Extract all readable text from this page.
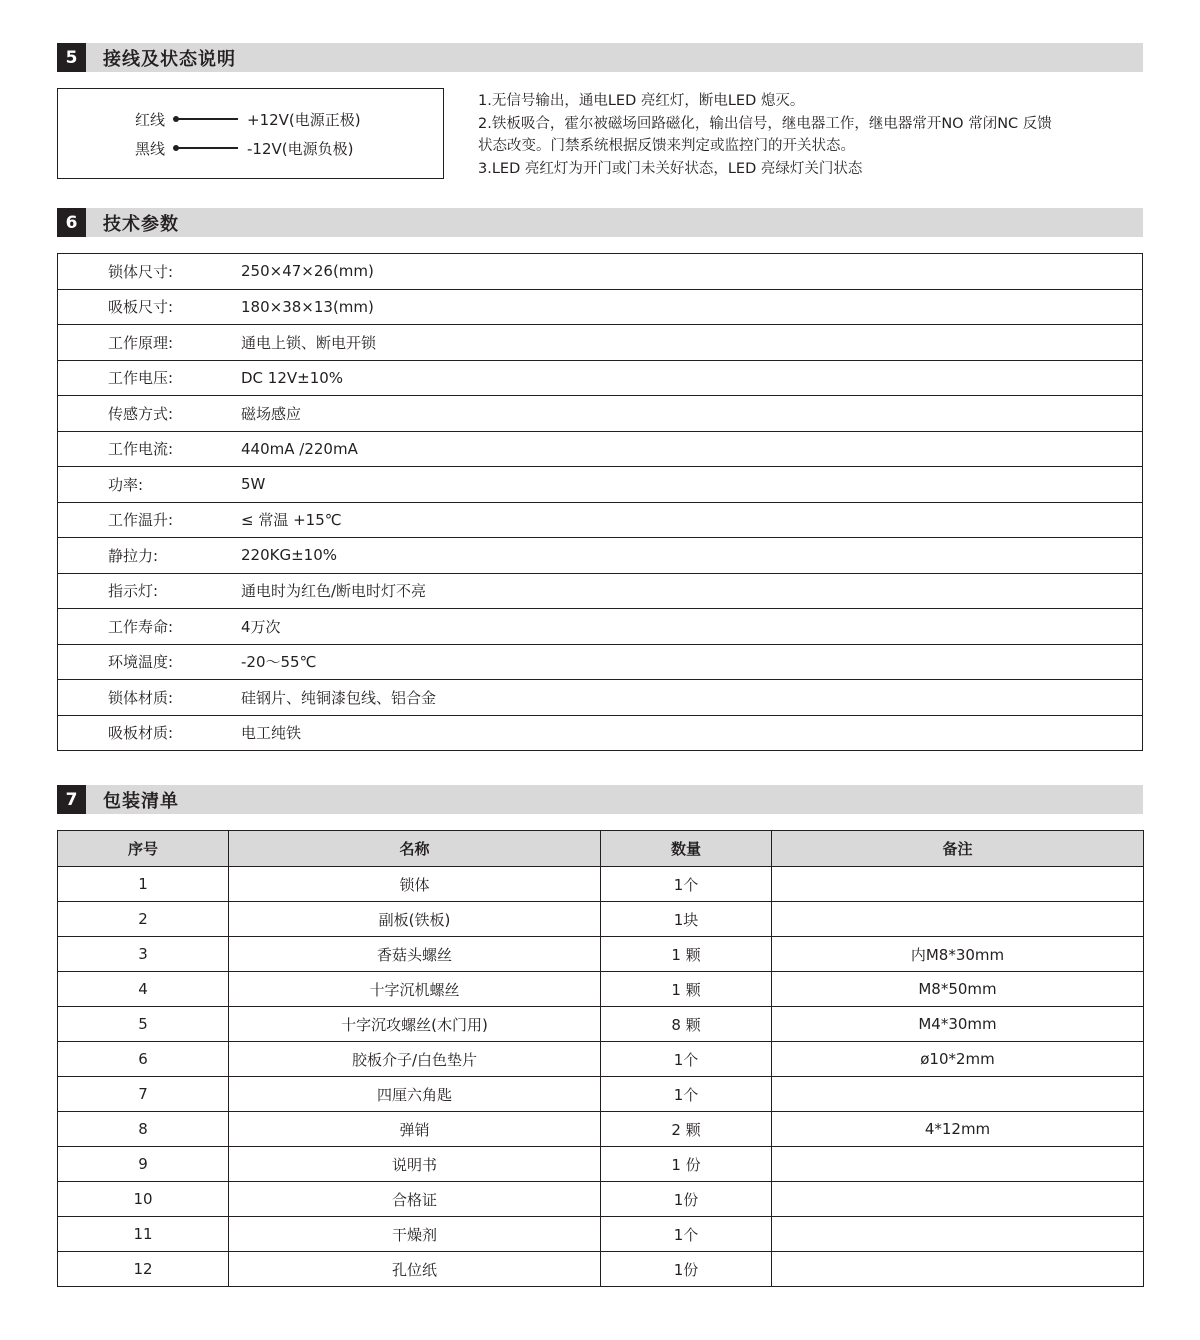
5	接线及状态说明
红线	+12V(电源正极)
黑线	-12V(电源负极)

1.无信号输出，通电LED 亮红灯，断电LED 熄灭。

2.铁板吸合，霍尔被磁场回路磁化，输出信号，继电器工作，继电器常开NO 常闭NC 反馈

状态改变。门禁系统根据反馈来判定或监控门的开关状态。

3.LED 亮红灯为开门或门未关好状态，LED 亮绿灯关门状态

6	技术参数
锁体尺寸:	250×47×26(mm)
吸板尺寸:	180×38×13(mm)
工作原理:	通电上锁、断电开锁
工作电压:	DC 12V±10%
传感方式:	磁场感应
工作电流:	440mA /220mA
功率:	5W
工作温升:	≤ 常温 +15℃
静拉力:	220KG±10%
指示灯:	通电时为红色/断电时灯不亮
工作寿命:	4万次
环境温度:	-20～55℃
锁体材质:	硅钢片、纯铜漆包线、铝合金
吸板材质:	电工纯铁
7	包装清单
序号	名称	数量	备注
1	锁体	1个	
2	副板(铁板)	1块	
3	香菇头螺丝	1 颗	内M8*30mm
4	十字沉机螺丝	1 颗	M8*50mm
5	十字沉攻螺丝(木门用)	8 颗	M4*30mm
6	胶板介子/白色垫片	1个	ø10*2mm
7	四厘六角匙	1个	
8	弹销	2 颗	4*12mm
9	说明书	1 份	
10	合格证	1份	
11	干燥剂	1个	
12	孔位纸	1份	
